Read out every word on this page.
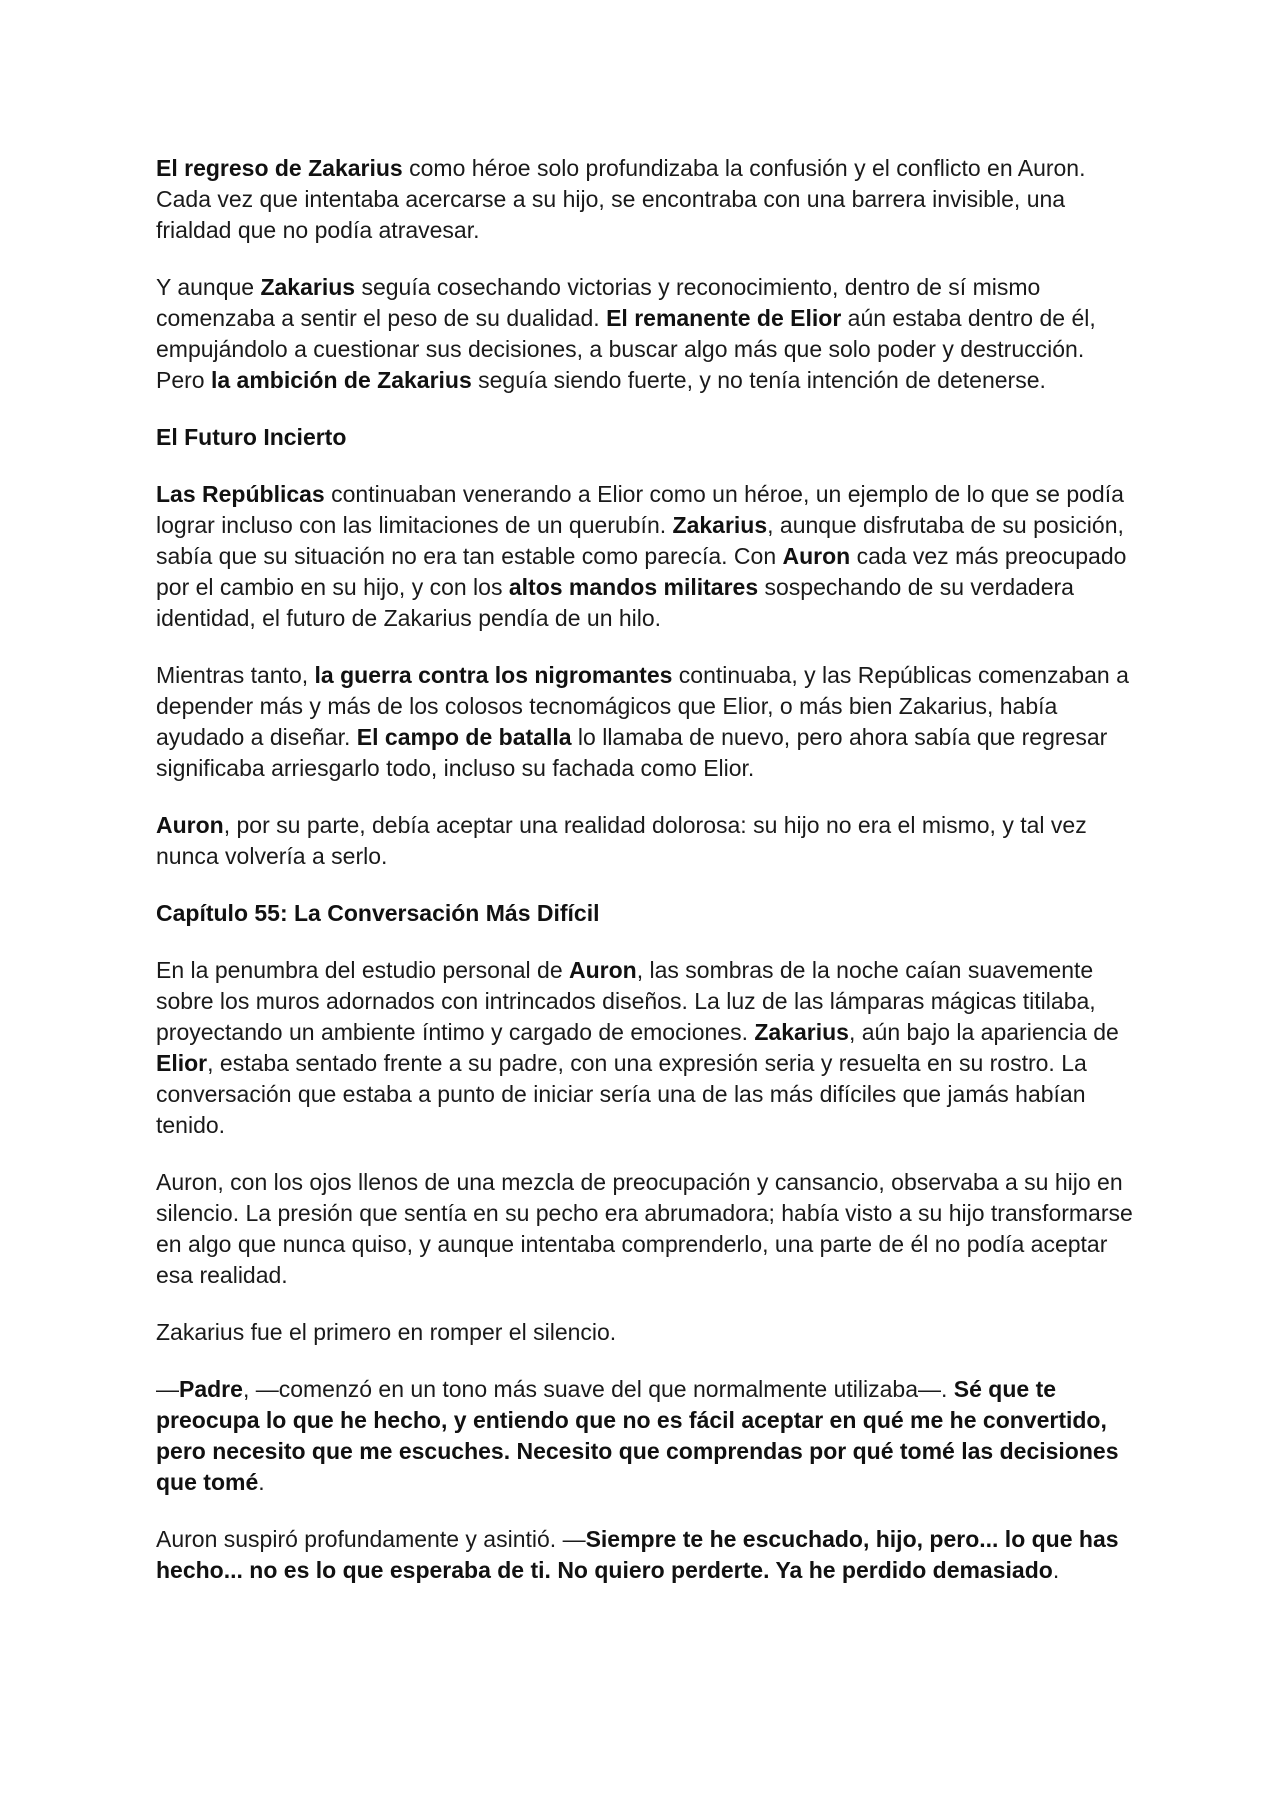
El regreso de Zakarius como héroe solo profundizaba la confusión y el conflicto en Auron. Cada vez que intentaba acercarse a su hijo, se encontraba con una barrera invisible, una frialdad que no podía atravesar.

Y aunque Zakarius seguía cosechando victorias y reconocimiento, dentro de sí mismo comenzaba a sentir el peso de su dualidad. El remanente de Elior aún estaba dentro de él, empujándolo a cuestionar sus decisiones, a buscar algo más que solo poder y destrucción. Pero la ambición de Zakarius seguía siendo fuerte, y no tenía intención de detenerse.

El Futuro Incierto

Las Repúblicas continuaban venerando a Elior como un héroe, un ejemplo de lo que se podía lograr incluso con las limitaciones de un querubín. Zakarius, aunque disfrutaba de su posición, sabía que su situación no era tan estable como parecía. Con Auron cada vez más preocupado por el cambio en su hijo, y con los altos mandos militares sospechando de su verdadera identidad, el futuro de Zakarius pendía de un hilo.

Mientras tanto, la guerra contra los nigromantes continuaba, y las Repúblicas comenzaban a depender más y más de los colosos tecnomágicos que Elior, o más bien Zakarius, había ayudado a diseñar. El campo de batalla lo llamaba de nuevo, pero ahora sabía que regresar significaba arriesgarlo todo, incluso su fachada como Elior.

Auron, por su parte, debía aceptar una realidad dolorosa: su hijo no era el mismo, y tal vez nunca volvería a serlo.

Capítulo 55: La Conversación Más Difícil

En la penumbra del estudio personal de Auron, las sombras de la noche caían suavemente sobre los muros adornados con intrincados diseños. La luz de las lámparas mágicas titilaba, proyectando un ambiente íntimo y cargado de emociones. Zakarius, aún bajo la apariencia de Elior, estaba sentado frente a su padre, con una expresión seria y resuelta en su rostro. La conversación que estaba a punto de iniciar sería una de las más difíciles que jamás habían tenido.

Auron, con los ojos llenos de una mezcla de preocupación y cansancio, observaba a su hijo en silencio. La presión que sentía en su pecho era abrumadora; había visto a su hijo transformarse en algo que nunca quiso, y aunque intentaba comprenderlo, una parte de él no podía aceptar esa realidad.

Zakarius fue el primero en romper el silencio.

—Padre, —comenzó en un tono más suave del que normalmente utilizaba—. Sé que te preocupa lo que he hecho, y entiendo que no es fácil aceptar en qué me he convertido, pero necesito que me escuches. Necesito que comprendas por qué tomé las decisiones que tomé.

Auron suspiró profundamente y asintió. —Siempre te he escuchado, hijo, pero... lo que has hecho... no es lo que esperaba de ti. No quiero perderte. Ya he perdido demasiado.
